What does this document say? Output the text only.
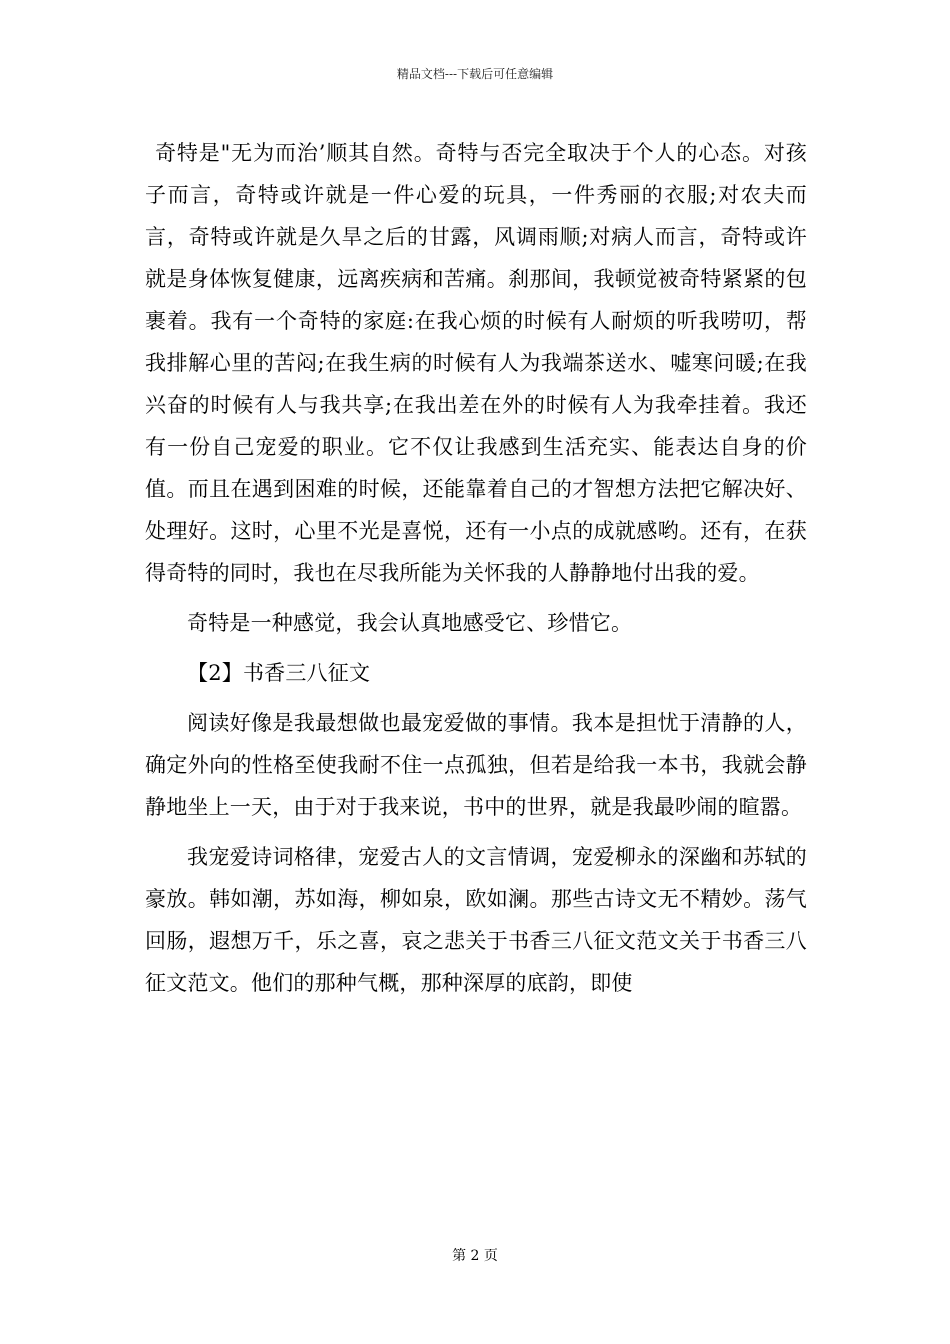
精品文档---下载后可任意编辑

奇特是"无为而治’顺其自然。奇特与否完全取决于个人的心态。对孩子而言，奇特或许就是一件心爱的玩具，一件秀丽的衣服;对农夫而言，奇特或许就是久旱之后的甘露，风调雨顺;对病人而言，奇特或许就是身体恢复健康，远离疾病和苦痛。刹那间，我顿觉被奇特紧紧的包裹着。我有一个奇特的家庭:在我心烦的时候有人耐烦的听我唠叨，帮我排解心里的苦闷;在我生病的时候有人为我端茶送水、嘘寒问暖;在我兴奋的时候有人与我共享;在我出差在外的时候有人为我牵挂着。我还有一份自己宠爱的职业。它不仅让我感到生活充实、能表达自身的价值。而且在遇到困难的时候，还能靠着自己的才智想方法把它解决好、处理好。这时，心里不光是喜悦，还有一小点的成就感哟。还有，在获得奇特的同时，我也在尽我所能为关怀我的人静静地付出我的爱。

奇特是一种感觉，我会认真地感受它、珍惜它。

【2】书香三八征文

阅读好像是我最想做也最宠爱做的事情。我本是担忧于清静的人，确定外向的性格至使我耐不住一点孤独，但若是给我一本书，我就会静静地坐上一天，由于对于我来说，书中的世界，就是我最吵闹的暄嚣。

我宠爱诗词格律，宠爱古人的文言情调，宠爱柳永的深幽和苏轼的豪放。韩如潮，苏如海，柳如泉，欧如澜。那些古诗文无不精妙。荡气回肠，遐想万千，乐之喜，哀之悲关于书香三八征文范文关于书香三八征文范文。他们的那种气概，那种深厚的底韵，即使

第 2 页
